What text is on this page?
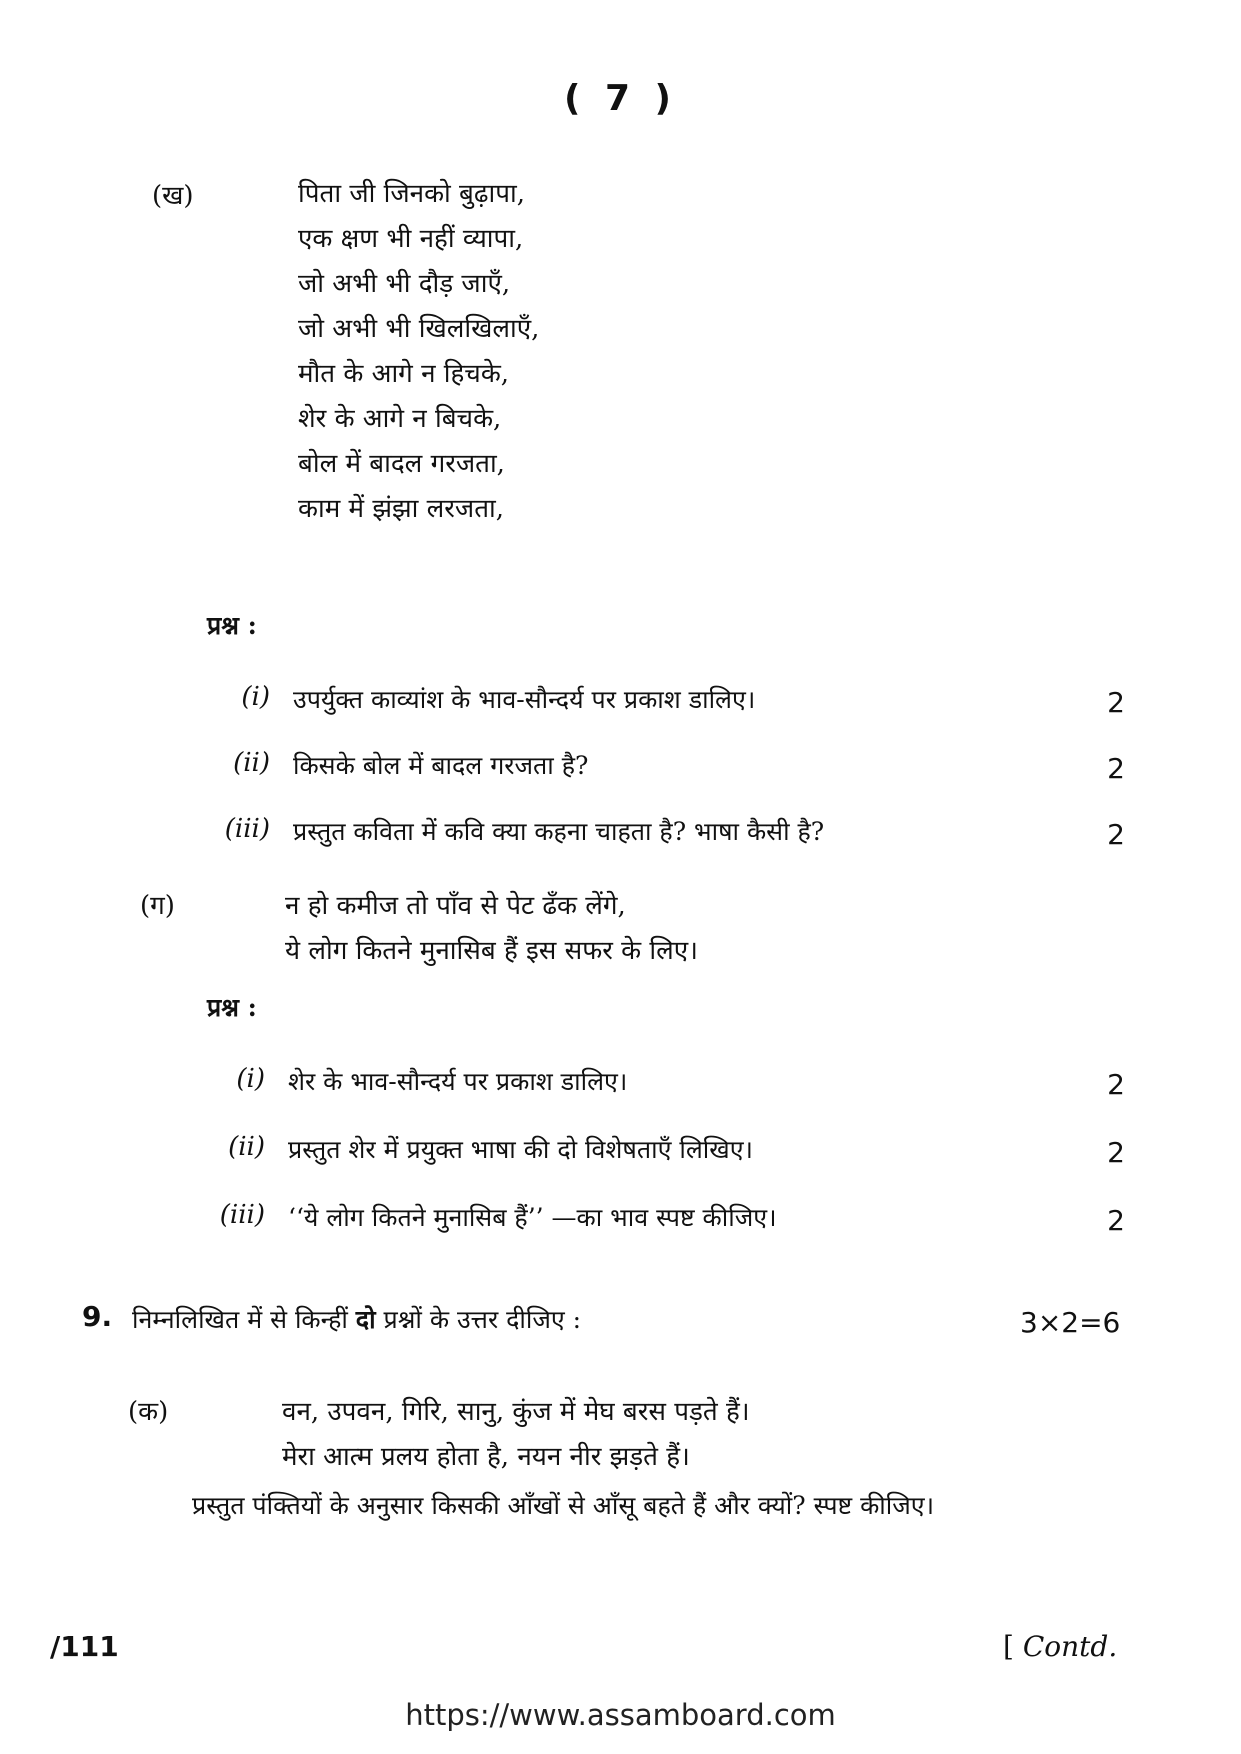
( 7 )
(ख)	पिता जी जिनको बुढ़ापा,
एक क्षण भी नहीं व्यापा,
जो अभी भी दौड़ जाएँ,
जो अभी भी खिलखिलाएँ,
मौत के आगे न हिचके,
शेर के आगे न बिचके,
बोल में बादल गरजता,
काम में झंझा लरजता,
प्रश्न :
(i) उपर्युक्त काव्यांश के भाव-सौन्दर्य पर प्रकाश डालिए।	2
(ii) किसके बोल में बादल गरजता है?	2
(iii) प्रस्तुत कविता में कवि क्या कहना चाहता है? भाषा कैसी है?	2
(ग)	न हो कमीज तो पाँव से पेट ढँक लेंगे,
ये लोग कितने मुनासिब हैं इस सफर के लिए।
प्रश्न :
(i) शेर के भाव-सौन्दर्य पर प्रकाश डालिए।	2
(ii) प्रस्तुत शेर में प्रयुक्त भाषा की दो विशेषताएँ लिखिए।	2
(iii) ‘‘ये लोग कितने मुनासिब हैं’’ —का भाव स्पष्ट कीजिए।	2
9. निम्नलिखित में से किन्हीं दो प्रश्नों के उत्तर दीजिए :	3×2=6
(क)	वन, उपवन, गिरि, सानु, कुंज में मेघ बरस पड़ते हैं।
मेरा आत्म प्रलय होता है, नयन नीर झड़ते हैं।
प्रस्तुत पंक्तियों के अनुसार किसकी आँखों से आँसू बहते हैं और क्यों? स्पष्ट कीजिए।
/111	[ Contd.
https://www.assamboard.com
